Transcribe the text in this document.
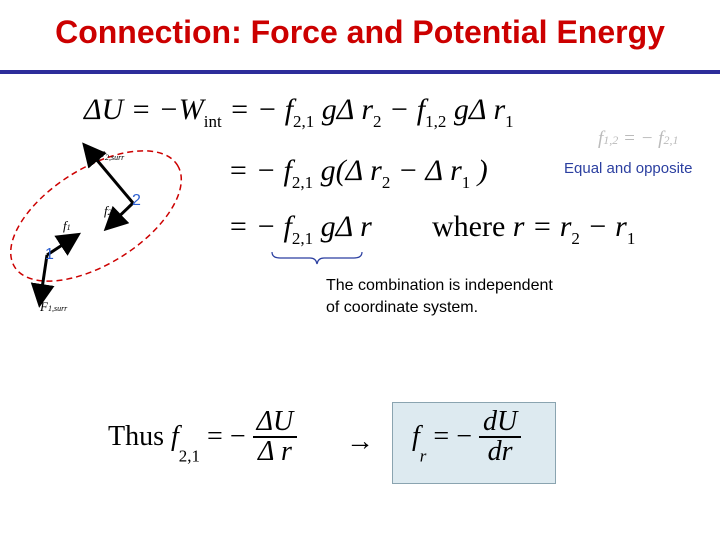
Connection: Force and Potential Energy
2
1
F2,surr
F1,surr
f1
f2
$\Delta U = -W_{int}$ = − $f_{2,1}$ gΔ $r_2 - f_{1,2}$ gΔ $r_1$
= − $f_{2,1}$ g(Δ $r_2 - \Delta$ $r_1$ )
f1,2 = − f2,1
Equal and opposite
= − $f_{2,1}$ gΔ r where $r = r_2 - r_1$
The combination is independent
of coordinate system.
Thus $f_{2,1}$ = − $\frac{\Delta U}{\text{Δ r}} \to f_r$ = − $\frac{dU}{dr}$
